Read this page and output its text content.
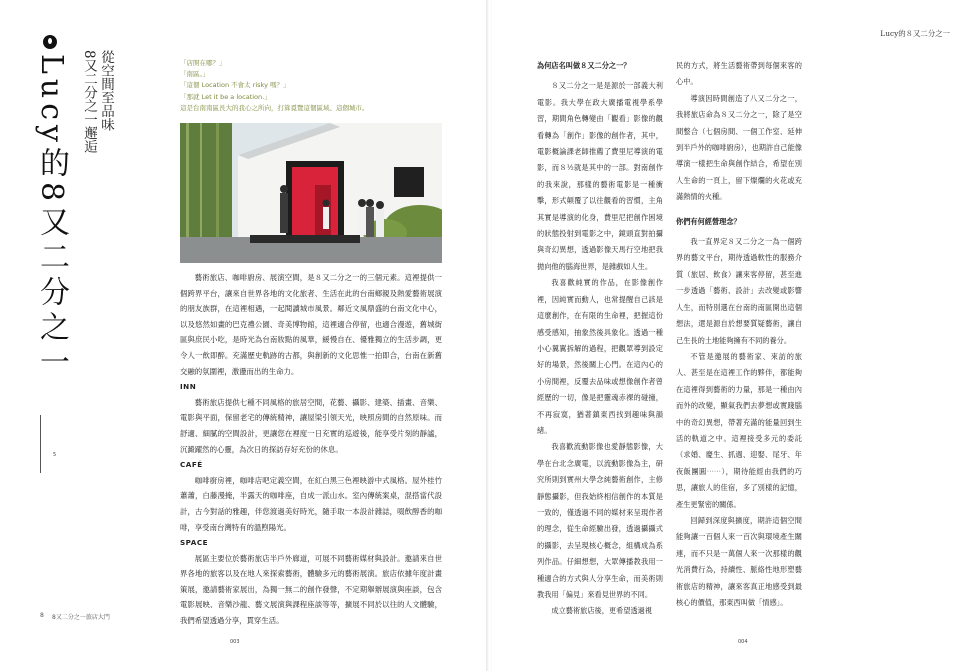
Lucy的8又二分之一	從空間至品味
8又二分之一邂逅	「店開在哪？」
「南區。」
「這個 Location 不會太 risky 嗎？」
「那就 Let it be a location.」
這是台南南區長大的我心之所向，打算覓覽這個區域、這個城市。

藝術旅店、咖啡廚房、展演空間，是８又二分之一的三個元素。這裡提供一個跨界平台，讓來自世界各地的文化旅者、生活在此的台南鄉親及熱愛藝術展演的朋友族群，在這裡相遇，一起閱讀城市風景。鄰近文風鼎盛的台南文化中心，以及悠然如畫的巴克禮公園、奇美博物館，這裡適合停留，也適合漫遊，舊城街區與庶民小吃，是時光為台南妝點的風華，緩慢自在、優雅獨立的生活步調，更令人一飲即醉。充滿歷史軌跡的古都，與創新的文化思惟一拍即合，台南在新舊交融的氛圍裡，激盪而出的生命力。

INN

藝術旅店提供七種不同風格的旅居空間，花藝、攝影、建築、插畫、音樂、電影與平面，保留老宅的傳統精神，讓屋梁引領天光，映照房間的自然原味。而舒適、細膩的空間設計，更讓您在裡度一日充實的巡遊後，能享受片刻的靜謐，沉澱躍然的心靈，為次日的探訪存好充份的休息。

CAFÉ

咖啡廚房裡，咖啡店吧定義空間，在紅白黑三色裡映游中式風格。屋外桂竹蕭蕭，白藤漫掩，半露天的咖啡座，自成一派山水。室內傳統案桌，混搭當代設計，古今對話的雅趣，伴您渡過美好時光，隨手取一本設計雜誌，啜飲醇香的咖啡，享受南台灣特有的溫煦陽光。

SPACE

展區主要位於藝術旅店半戶外廊道，可展不同藝術媒材與設計。邀請來自世界各地的旅客以及在地人來探索藝術，體驗多元的藝術展演。旅店依據年度計畫策展，邀請藝術家展出，為獨一無二的創作發聲，不定期舉辦展演與座談，包含電影展映、音樂沙龍、藝文展演與課程座談等等，擴展不同於以往的人文體驗，我們希望透過分享，貫穿生活。

5
8 8又二分之一旅店大門
003
Lucy的８又二分之一
為何店名叫做８又二分之一？

８又二分之一是是源於一部義大利電影。我大學在政大廣播電視學系學習，期間角色轉變由「觀看」影像的觀看轉為「創作」影像的創作者，其中，電影概論課老師推薦了費里尼導演的電影，而８½就是其中的一部。對南創作的我來說，那樣的藝術電影是一種衝擊，形式顛覆了以往觀看的習慣，主角其實是導演的化身，費里尼把創作困境的狀態投射到電影之中，鏡頭直對拍攝與奇幻異想，透過影像天馬行空地把我拋向他的腦海世界，是雜戲如人生。

我喜歡純實的作品，在影像創作裡，因純實而動人，也常提醒自己該是這麼創作，在有限的生命裡，把握這份感受感知，抽象然後具象化。透過一種小心翼翼拆解的過程，把觀眾導到設定好的場景，然後關上心門。在這內心的小房間裡，反覆去品味或想像創作者曾經歷的一切，像是把靈魂赤裸的碰撞，不再寂寞，猶著鎮東西找到趣味與韻緒。

我喜歡流動影像也愛靜態影像，大學在台北念廣電，以流動影像為主，研究所則到實州大學念純藝術創作，主修靜態攝影，但我始終相信創作的本質是一致的，僅透過不同的媒材來呈現作者的理念，從生命經驗出發，透過攝攝式的攝影，去呈現核心概念，組構成為系列作品。仔細想想，大眾傳播教我用一種適合的方式與人分享生命，而美術則教我用「偏見」來看見世界的不同。

成立藝術旅店後，更希望透過視

民的方式，將生活藝術帶到每個來客的心中。

導演因時間創造了八又二分之一，我將旅店命為８又二分之一，除了是空間整合（七個房間、一個工作室、延伸到半戶外的咖啡廚房），也期許自己能像導演一樣把生命與創作結合，希望在別人生命的一頁上，留下燦爛的火花或充滿熱情的火種。

你們有何經營理念？

我一直界定８又二分之一為一個跨界的藝文平台，期待透過軟性的服務介質（旅居、飲食）讓來客停留，甚至進一步透過「藝術、設計」去改變或影響人生，而特別選在台南的南區開出這個想法，還是源自於想要質疑藝術，讓自己生長的土地能夠擁有不同的養分。

不管是邀展的藝術家、來訪的旅人、甚至是在這裡工作的夥伴，都能夠在這裡得到藝術的力量，那是一種由內而外的改變，顯氣我們去夢想或實踐腦中的奇幻異想，帶著充滿的能量回到生活的軌道之中。這裡接受多元的委託（求婚、慶生、抓週、迎娶、尾牙、年夜飯團圓⋯⋯），期待能經由我們的巧思，讓旅人的佳宿，多了別樣的記憶，產生更緊密的關係。

回歸到深度與擴度，期許這個空間能夠讓一百個人來一百次與環境產生關連，而不只是一萬個人來一次那樣的觀光消費行為，持續性、脈絡性地形塑藝術旅店的精神，讓來客真正地感受到最核心的價值，那東西叫做「情感」。

004
